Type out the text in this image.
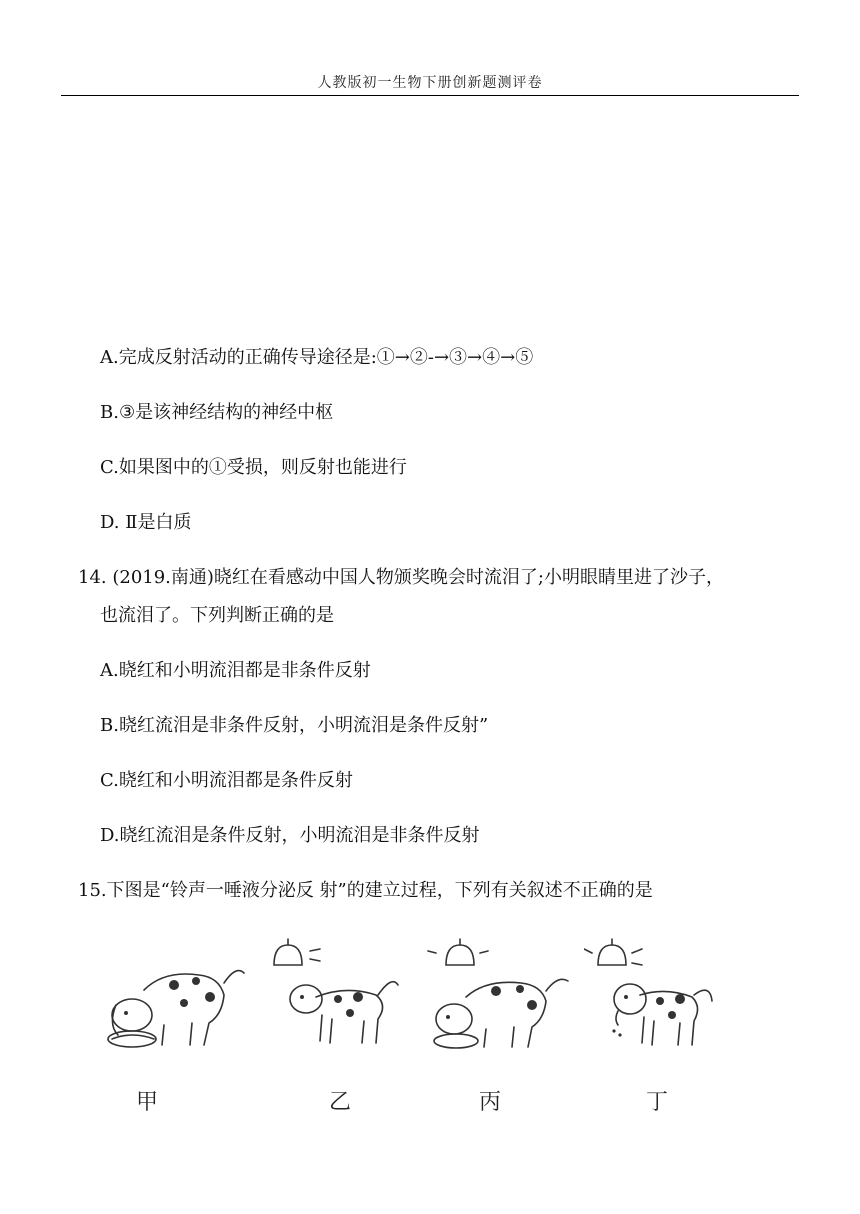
人教版初一生物下册创新题测评卷
A.完成反射活动的正确传导途径是:①→②-→③→④→⑤
B.③是该神经结构的神经中枢
C.如果图中的①受损，则反射也能进行
D. Ⅱ是白质
14. (2019.南通)晓红在看感动中国人物颁奖晚会时流泪了;小明眼睛里进了沙子，
也流泪了。下列判断正确的是
A.晓红和小明流泪都是非条件反射
B.晓红流泪是非条件反射，小明流泪是条件反射”
C.晓红和小明流泪都是条件反射
D.晓红流泪是条件反射，小明流泪是非条件反射
15.下图是“铃声一唾液分泌反 射”的建立过程，下列有关叙述不正确的是
甲	乙	丙	丁
